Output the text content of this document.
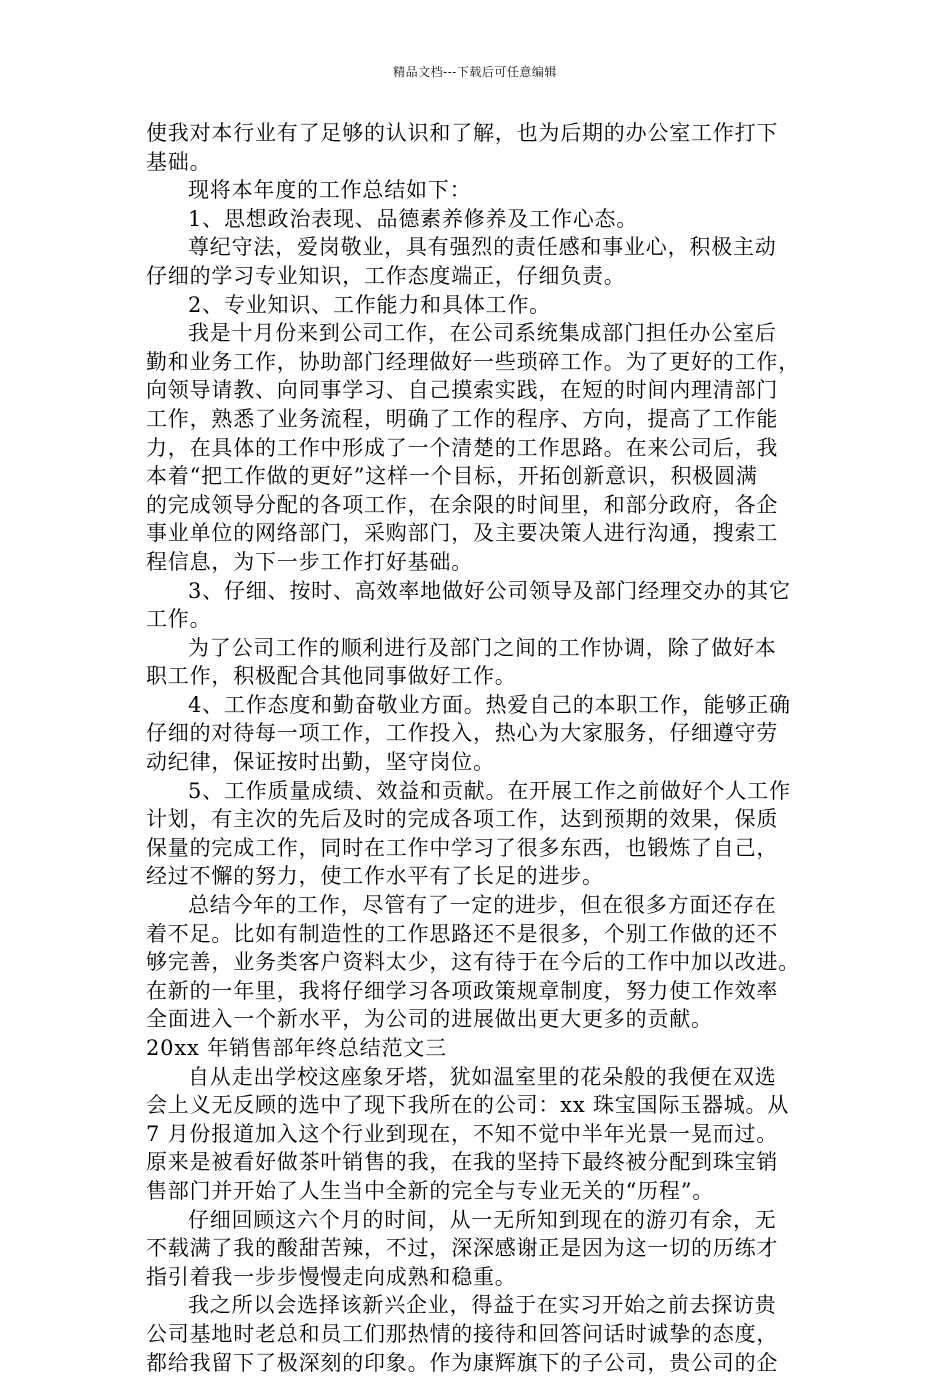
精品文档---下载后可任意编辑
使我对本行业有了足够的认识和了解，也为后期的办公室工作打下
基础。
现将本年度的工作总结如下：
1、思想政治表现、品德素养修养及工作心态。
尊纪守法，爱岗敬业，具有强烈的责任感和事业心，积极主动
仔细的学习专业知识，工作态度端正，仔细负责。
2、专业知识、工作能力和具体工作。
我是十月份来到公司工作，在公司系统集成部门担任办公室后
勤和业务工作，协助部门经理做好一些琐碎工作。为了更好的工作，
向领导请教、向同事学习、自己摸索实践，在短的时间内理清部门
工作，熟悉了业务流程，明确了工作的程序、方向，提高了工作能
力，在具体的工作中形成了一个清楚的工作思路。在来公司后，我
本着“把工作做的更好”这样一个目标，开拓创新意识，积极圆满
的完成领导分配的各项工作，在余限的时间里，和部分政府，各企
事业单位的网络部门，采购部门，及主要决策人进行沟通，搜索工
程信息，为下一步工作打好基础。
3、仔细、按时、高效率地做好公司领导及部门经理交办的其它
工作。
为了公司工作的顺利进行及部门之间的工作协调，除了做好本
职工作，积极配合其他同事做好工作。
4、工作态度和勤奋敬业方面。热爱自己的本职工作，能够正确
仔细的对待每一项工作，工作投入，热心为大家服务，仔细遵守劳
动纪律，保证按时出勤，坚守岗位。
5、工作质量成绩、效益和贡献。在开展工作之前做好个人工作
计划，有主次的先后及时的完成各项工作，达到预期的效果，保质
保量的完成工作，同时在工作中学习了很多东西，也锻炼了自己，
经过不懈的努力，使工作水平有了长足的进步。
总结今年的工作，尽管有了一定的进步，但在很多方面还存在
着不足。比如有制造性的工作思路还不是很多，个别工作做的还不
够完善，业务类客户资料太少，这有待于在今后的工作中加以改进。
在新的一年里，我将仔细学习各项政策规章制度，努力使工作效率
全面进入一个新水平，为公司的进展做出更大更多的贡献。
20xx 年销售部年终总结范文三
自从走出学校这座象牙塔，犹如温室里的花朵般的我便在双选
会上义无反顾的选中了现下我所在的公司：xx 珠宝国际玉器城。从
7 月份报道加入这个行业到现在，不知不觉中半年光景一晃而过。
原来是被看好做茶叶销售的我，在我的坚持下最终被分配到珠宝销
售部门并开始了人生当中全新的完全与专业无关的“历程”。
仔细回顾这六个月的时间，从一无所知到现在的游刃有余，无
不载满了我的酸甜苦辣，不过，深深感谢正是因为这一切的历练才
指引着我一步步慢慢走向成熟和稳重。
我之所以会选择该新兴企业，得益于在实习开始之前去探访贵
公司基地时老总和员工们那热情的接待和回答问话时诚挚的态度，
都给我留下了极深刻的印象。作为康辉旗下的子公司，贵公司的企
